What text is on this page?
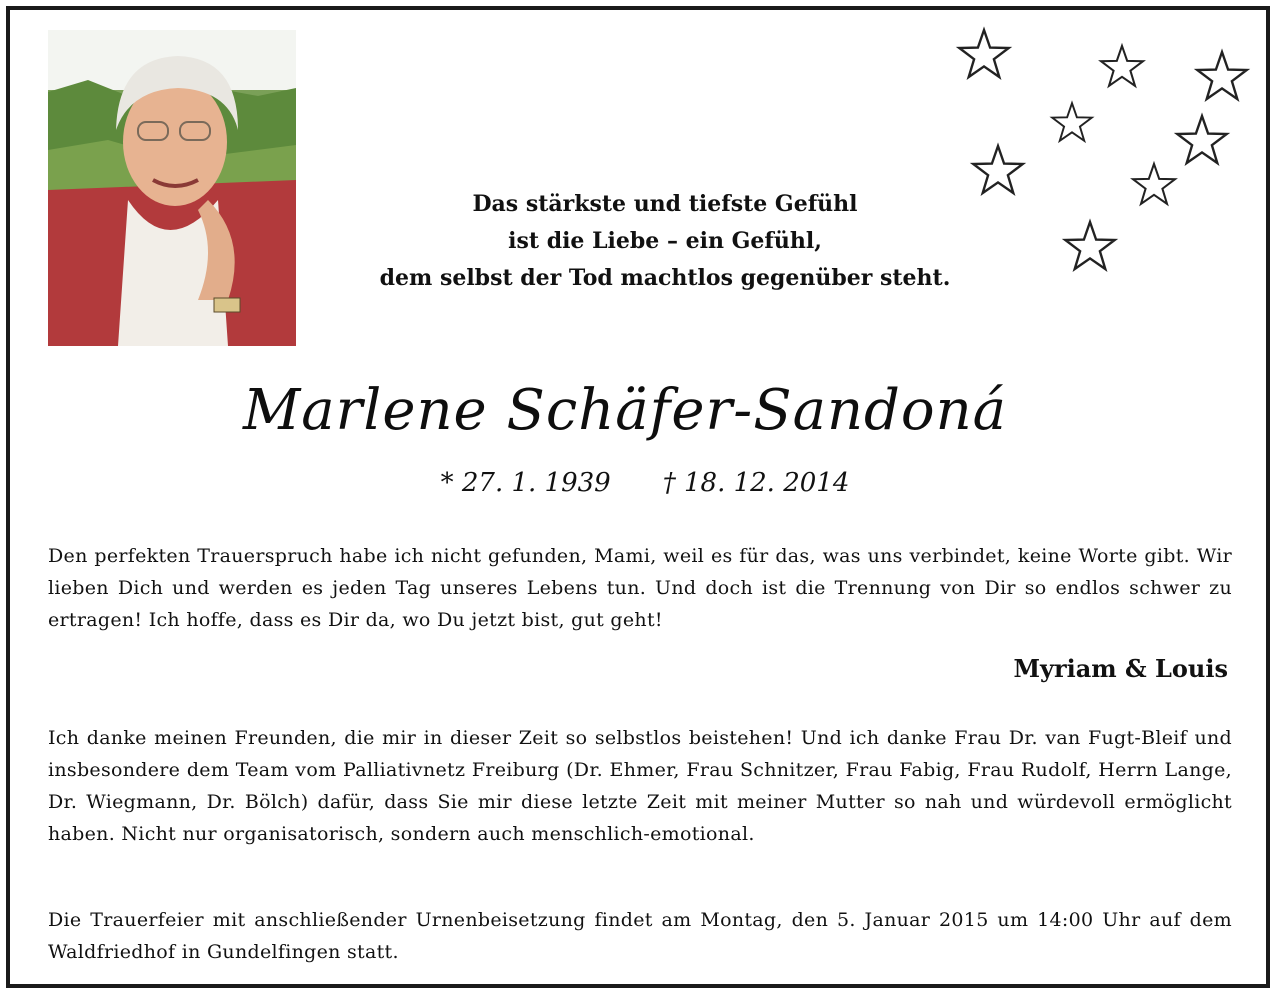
Das stärkste und tiefste Gefühl
ist die Liebe – ein Gefühl,
dem selbst der Tod machtlos gegenüber steht.
Marlene Schäfer-Sandoná
* 27. 1. 1939 † 18. 12. 2014
Den perfekten Trauerspruch habe ich nicht gefunden, Mami, weil es für das, was uns verbindet, keine Worte gibt. Wir lieben Dich und werden es jeden Tag unseres Lebens tun. Und doch ist die Trennung von Dir so endlos schwer zu ertragen! Ich hoffe, dass es Dir da, wo Du jetzt bist, gut geht!
Myriam & Louis
Ich danke meinen Freunden, die mir in dieser Zeit so selbstlos beistehen! Und ich danke Frau Dr. van Fugt-Bleif und insbesondere dem Team vom Palliativnetz Freiburg (Dr. Ehmer, Frau Schnitzer, Frau Fabig, Frau Rudolf, Herrn Lange, Dr. Wiegmann, Dr. Bölch) dafür, dass Sie mir diese letzte Zeit mit meiner Mutter so nah und würdevoll ermöglicht haben. Nicht nur organisatorisch, sondern auch menschlich-emotional.
Die Trauerfeier mit anschließender Urnenbeisetzung findet am Montag, den 5. Januar 2015 um 14:00 Uhr auf dem Waldfriedhof in Gundelfingen statt.
